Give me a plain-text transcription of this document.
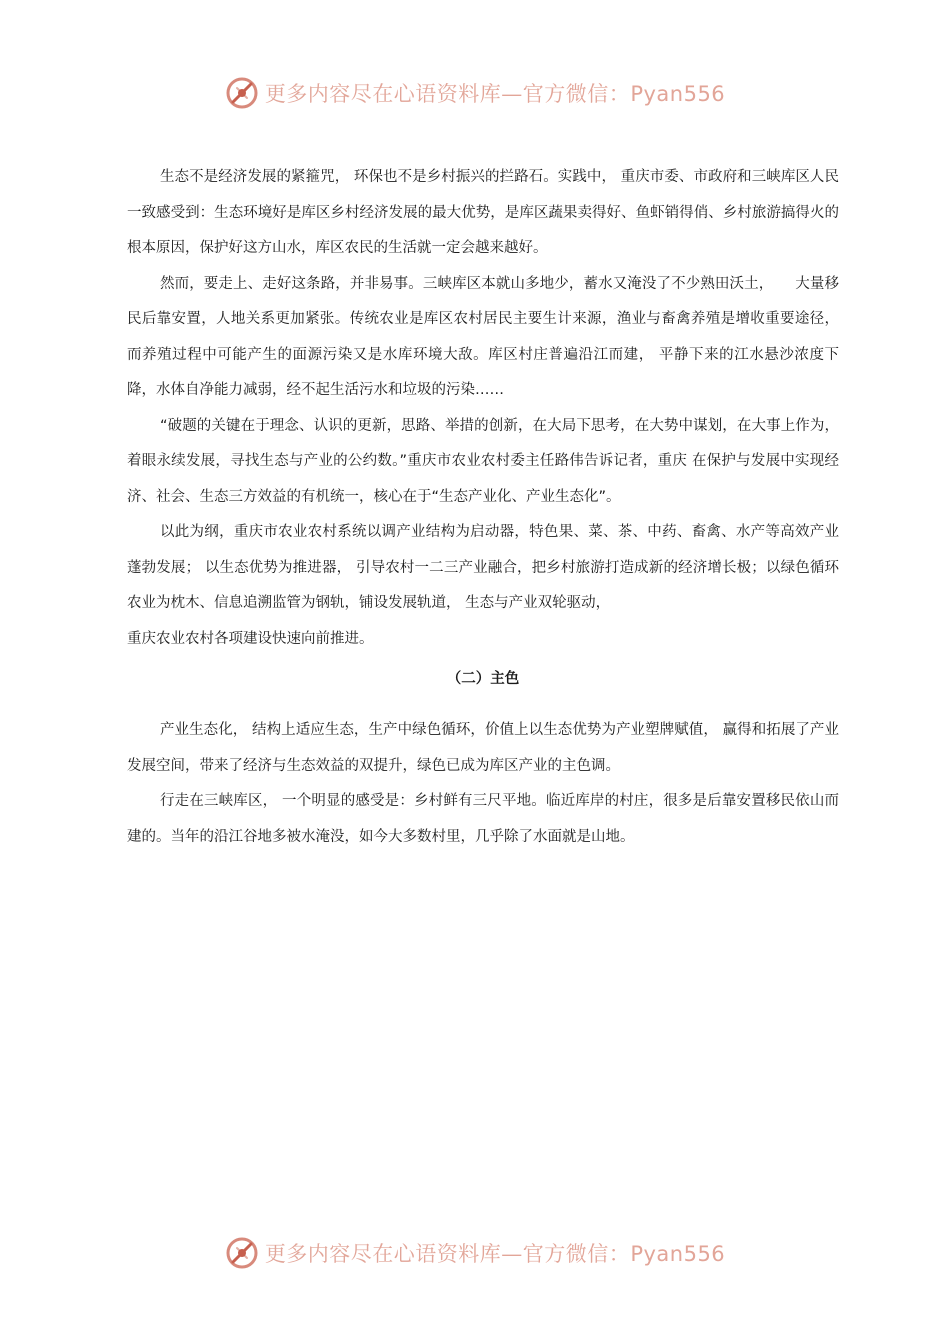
更多内容尽在心语资料库—官方微信：Pyan556

生态不是经济发展的紧箍咒， 环保也不是乡村振兴的拦路石。实践中， 重庆市委、市政府和三峡库区人民一致感受到：生态环境好是库区乡村经济发展的最大优势，是库区蔬果卖得好、鱼虾销得俏、乡村旅游搞得火的根本原因，保护好这方山水，库区农民的生活就一定会越来越好。

然而，要走上、走好这条路，并非易事。三峡库区本就山多地少，蓄水又淹没了不少熟田沃土，　　大量移民后靠安置，人地关系更加紧张。传统农业是库区农村居民主要生计来源，渔业与畜禽养殖是增收重要途径， 而养殖过程中可能产生的面源污染又是水库环境大敌。库区村庄普遍沿江而建， 平静下来的江水悬沙浓度下降，水体自净能力减弱，经不起生活污水和垃圾的污染……

“破题的关键在于理念、认识的更新，思路、举措的创新，在大局下思考，在大势中谋划，在大事上作为，着眼永续发展，寻找生态与产业的公约数。”重庆市农业农村委主任路伟告诉记者，重庆 在保护与发展中实现经济、社会、生态三方效益的有机统一，核心在于“生态产业化、产业生态化”。

以此为纲，重庆市农业农村系统以调产业结构为启动器，特色果、菜、茶、中药、畜禽、水产等高效产业蓬勃发展； 以生态优势为推进器， 引导农村一二三产业融合，把乡村旅游打造成新的经济增长极；以绿色循环农业为枕木、信息追溯监管为钢轨，铺设发展轨道， 生态与产业双轮驱动，

重庆农业农村各项建设快速向前推进。

（二）主色

产业生态化， 结构上适应生态，生产中绿色循环，价值上以生态优势为产业塑牌赋值， 赢得和拓展了产业发展空间，带来了经济与生态效益的双提升，绿色已成为库区产业的主色调。

行走在三峡库区， 一个明显的感受是：乡村鲜有三尺平地。临近库岸的村庄，很多是后靠安置移民依山而建的。当年的沿江谷地多被水淹没，如今大多数村里，几乎除了水面就是山地。

更多内容尽在心语资料库—官方微信：Pyan556
